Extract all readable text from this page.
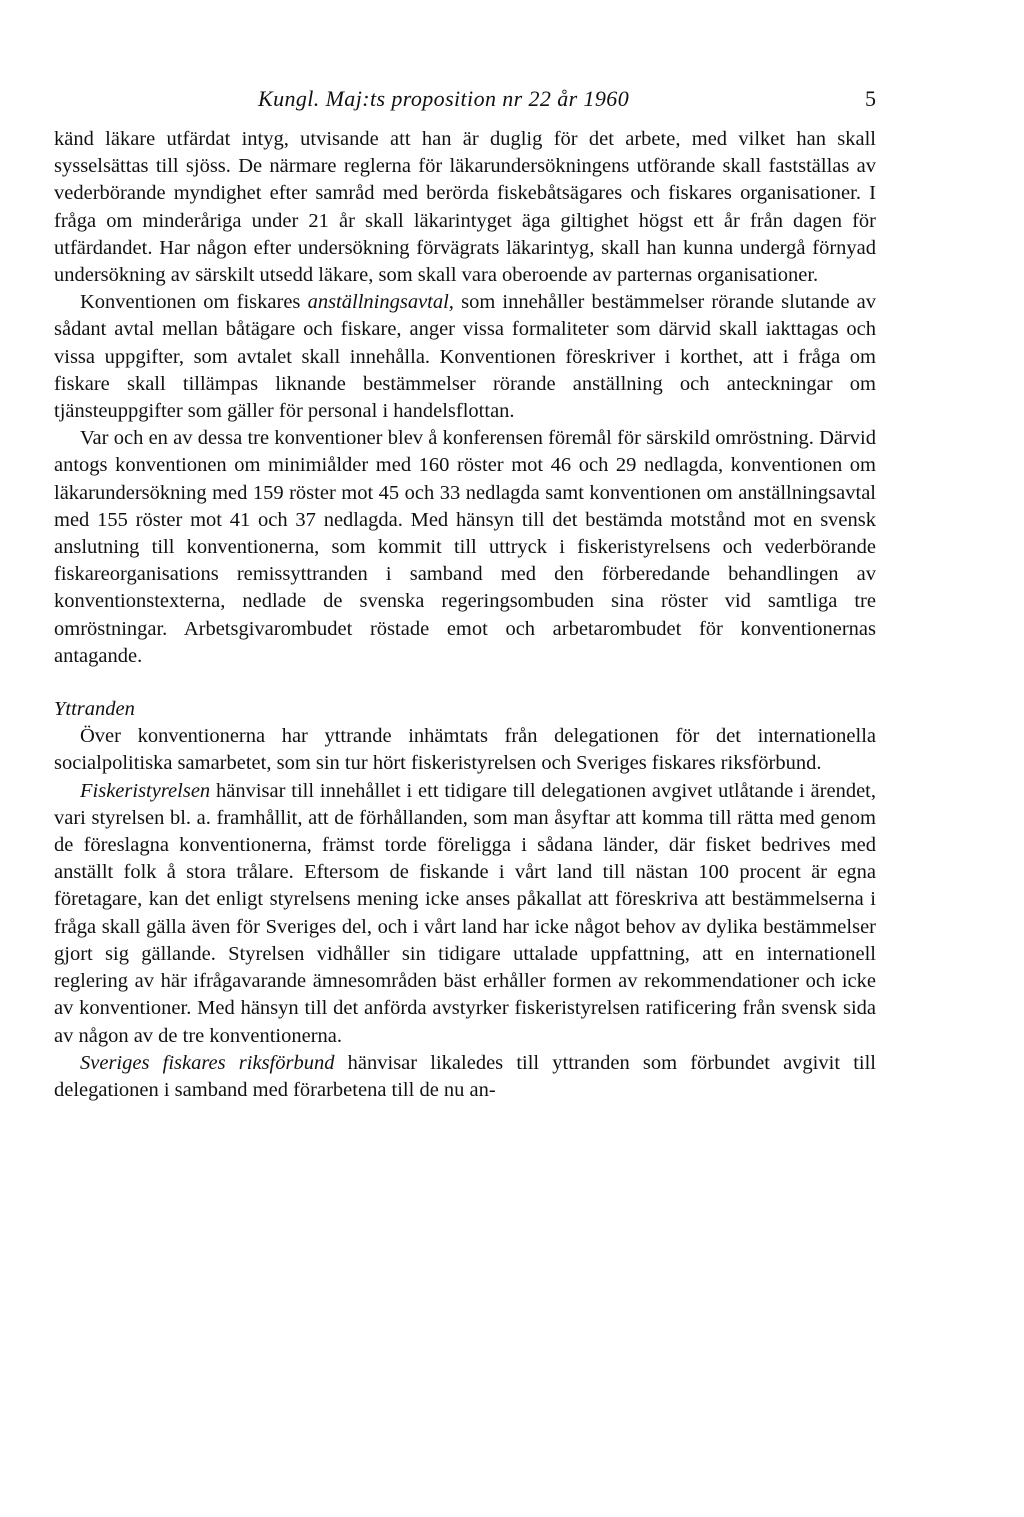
Kungl. Maj:ts proposition nr 22 år 1960	5

känd läkare utfärdat intyg, utvisande att han är duglig för det arbete, med vilket han skall sysselsättas till sjöss. De närmare reglerna för läkarundersökningens utförande skall fastställas av vederbörande myndighet efter samråd med berörda fiskebåtsägares och fiskares organisationer. I fråga om minderåriga under 21 år skall läkarintyget äga giltighet högst ett år från dagen för utfärdandet. Har någon efter undersökning förvägrats läkarintyg, skall han kunna undergå förnyad undersökning av särskilt utsedd läkare, som skall vara oberoende av parternas organisationer.

Konventionen om fiskares anställningsavtal, som innehåller bestämmelser rörande slutande av sådant avtal mellan båtägare och fiskare, anger vissa formaliteter som därvid skall iakttagas och vissa uppgifter, som avtalet skall innehålla. Konventionen föreskriver i korthet, att i fråga om fiskare skall tillämpas liknande bestämmelser rörande anställning och anteckningar om tjänsteuppgifter som gäller för personal i handelsflottan.

Var och en av dessa tre konventioner blev å konferensen föremål för särskild omröstning. Därvid antogs konventionen om minimiålder med 160 röster mot 46 och 29 nedlagda, konventionen om läkarundersökning med 159 röster mot 45 och 33 nedlagda samt konventionen om anställningsavtal med 155 röster mot 41 och 37 nedlagda. Med hänsyn till det bestämda motstånd mot en svensk anslutning till konventionerna, som kommit till uttryck i fiskeristyrelsens och vederbörande fiskareorganisations remissyttranden i samband med den förberedande behandlingen av konventionstexterna, nedlade de svenska regeringsombuden sina röster vid samtliga tre omröstningar. Arbetsgivarombudet röstade emot och arbetarombudet för konventionernas antagande.

Yttranden

Över konventionerna har yttrande inhämtats från delegationen för det internationella socialpolitiska samarbetet, som sin tur hört fiskeristyrelsen och Sveriges fiskares riksförbund.

Fiskeristyrelsen hänvisar till innehållet i ett tidigare till delegationen avgivet utlåtande i ärendet, vari styrelsen bl. a. framhållit, att de förhållanden, som man åsyftar att komma till rätta med genom de föreslagna konventionerna, främst torde föreligga i sådana länder, där fisket bedrives med anställt folk å stora trålare. Eftersom de fiskande i vårt land till nästan 100 procent är egna företagare, kan det enligt styrelsens mening icke anses påkallat att föreskriva att bestämmelserna i fråga skall gälla även för Sveriges del, och i vårt land har icke något behov av dylika bestämmelser gjort sig gällande. Styrelsen vidhåller sin tidigare uttalade uppfattning, att en internationell reglering av här ifrågavarande ämnesområden bäst erhåller formen av rekommendationer och icke av konventioner. Med hänsyn till det anförda avstyrker fiskeristyrelsen ratificering från svensk sida av någon av de tre konventionerna.

Sveriges fiskares riksförbund hänvisar likaledes till yttranden som förbundet avgivit till delegationen i samband med förarbetena till de nu an-
